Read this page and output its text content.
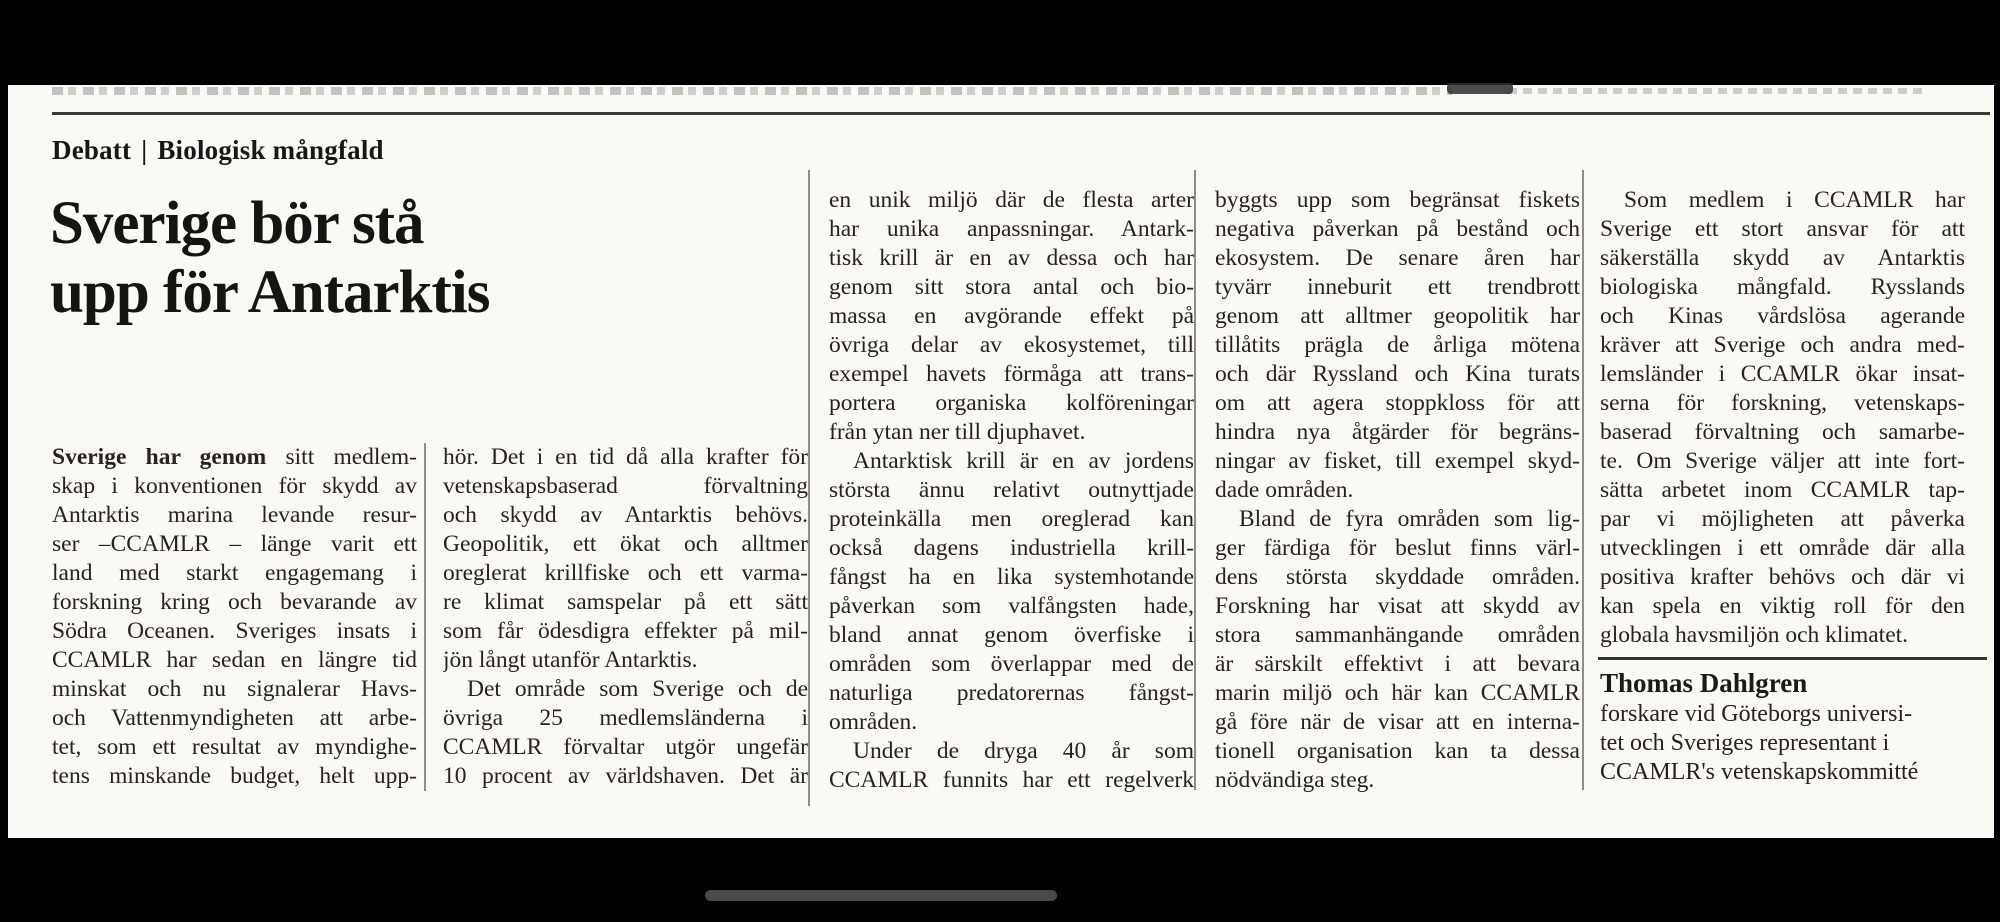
Debatt | Biologisk mångfald
Sverige bör stå
upp för Antarktis
Sverige har genom sitt medlem-
skap i konventionen för skydd av
Antarktis marina levande resur-
ser –CCAMLR – länge varit ett
land med starkt engagemang i
forskning kring och bevarande av
Södra Oceanen. Sveriges insats i
CCAMLR har sedan en längre tid
minskat och nu signalerar Havs-
och Vattenmyndigheten att arbe-
tet, som ett resultat av myndighe-
tens minskande budget, helt upp-
hör. Det i en tid då alla krafter för
vetenskapsbaserad förvaltning
och skydd av Antarktis behövs.
Geopolitik, ett ökat och alltmer
oreglerat krillfiske och ett varma-
re klimat samspelar på ett sätt
som får ödesdigra effekter på mil-
jön långt utanför Antarktis.
Det område som Sverige och de
övriga 25 medlemsländerna i
CCAMLR förvaltar utgör ungefär
10 procent av världshaven. Det är
en unik miljö där de flesta arter
har unika anpassningar. Antark-
tisk krill är en av dessa och har
genom sitt stora antal och bio-
massa en avgörande effekt på
övriga delar av ekosystemet, till
exempel havets förmåga att trans-
portera organiska kolföreningar
från ytan ner till djuphavet.
Antarktisk krill är en av jordens
största ännu relativt outnyttjade
proteinkälla men oreglerad kan
också dagens industriella krill-
fångst ha en lika systemhotande
påverkan som valfångsten hade,
bland annat genom överfiske i
områden som överlappar med de
naturliga predatorernas fångst-
områden.
Under de dryga 40 år som
CCAMLR funnits har ett regelverk
byggts upp som begränsat fiskets
negativa påverkan på bestånd och
ekosystem. De senare åren har
tyvärr inneburit ett trendbrott
genom att alltmer geopolitik har
tillåtits prägla de årliga mötena
och där Ryssland och Kina turats
om att agera stoppkloss för att
hindra nya åtgärder för begräns-
ningar av fisket, till exempel skyd-
dade områden.
Bland de fyra områden som lig-
ger färdiga för beslut finns värl-
dens största skyddade områden.
Forskning har visat att skydd av
stora sammanhängande områden
är särskilt effektivt i att bevara
marin miljö och här kan CCAMLR
gå före när de visar att en interna-
tionell organisation kan ta dessa
nödvändiga steg.
Som medlem i CCAMLR har
Sverige ett stort ansvar för att
säkerställa skydd av Antarktis
biologiska mångfald. Rysslands
och Kinas vårdslösa agerande
kräver att Sverige och andra med-
lemsländer i CCAMLR ökar insat-
serna för forskning, vetenskaps-
baserad förvaltning och samarbe-
te. Om Sverige väljer att inte fort-
sätta arbetet inom CCAMLR tap-
par vi möjligheten att påverka
utvecklingen i ett område där alla
positiva krafter behövs och där vi
kan spela en viktig roll för den
globala havsmiljön och klimatet.
Thomas Dahlgren
forskare vid Göteborgs universi-
tet och Sveriges representant i
CCAMLR's vetenskapskommitté
